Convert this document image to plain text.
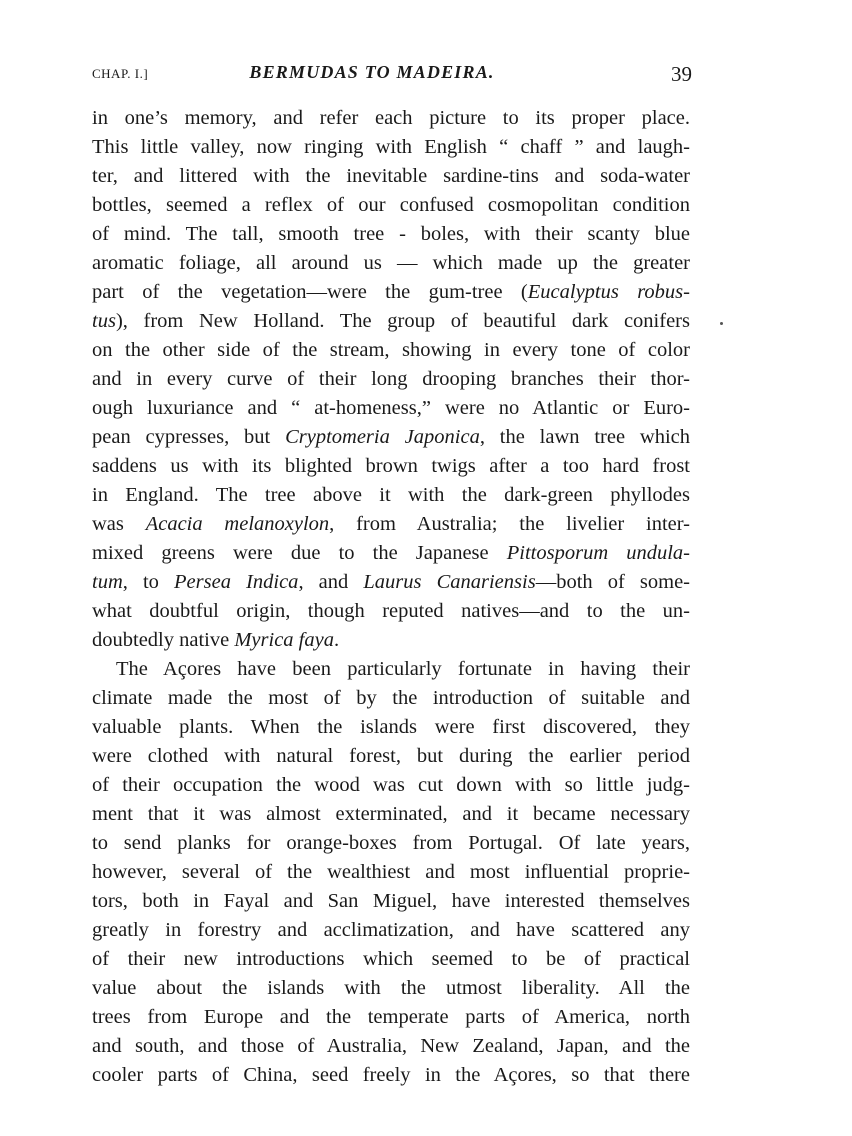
CHAP. I.]	BERMUDAS TO MADEIRA.	39
in one’s memory, and refer each picture to its proper place.
This little valley, now ringing with English “ chaff ” and laugh-
ter, and littered with the inevitable sardine-tins and soda-water
bottles, seemed a reflex of our confused cosmopolitan condition
of mind. The tall, smooth tree - boles, with their scanty blue
aromatic foliage, all around us — which made up the greater
part of the vegetation—were the gum-tree (Eucalyptus robus-
tus), from New Holland. The group of beautiful dark conifers
on the other side of the stream, showing in every tone of color
and in every curve of their long drooping branches their thor-
ough luxuriance and “ at-homeness,” were no Atlantic or Euro-
pean cypresses, but Cryptomeria Japonica, the lawn tree which
saddens us with its blighted brown twigs after a too hard frost
in England. The tree above it with the dark-green phyllodes
was Acacia melanoxylon, from Australia; the livelier inter-
mixed greens were due to the Japanese Pittosporum undula-
tum, to Persea Indica, and Laurus Canariensis—both of some-
what doubtful origin, though reputed natives—and to the un-
doubtedly native Myrica faya.
The Açores have been particularly fortunate in having their
climate made the most of by the introduction of suitable and
valuable plants. When the islands were first discovered, they
were clothed with natural forest, but during the earlier period
of their occupation the wood was cut down with so little judg-
ment that it was almost exterminated, and it became necessary
to send planks for orange-boxes from Portugal. Of late years,
however, several of the wealthiest and most influential proprie-
tors, both in Fayal and San Miguel, have interested themselves
greatly in forestry and acclimatization, and have scattered any
of their new introductions which seemed to be of practical
value about the islands with the utmost liberality. All the
trees from Europe and the temperate parts of America, north
and south, and those of Australia, New Zealand, Japan, and the
cooler parts of China, seed freely in the Açores, so that there
